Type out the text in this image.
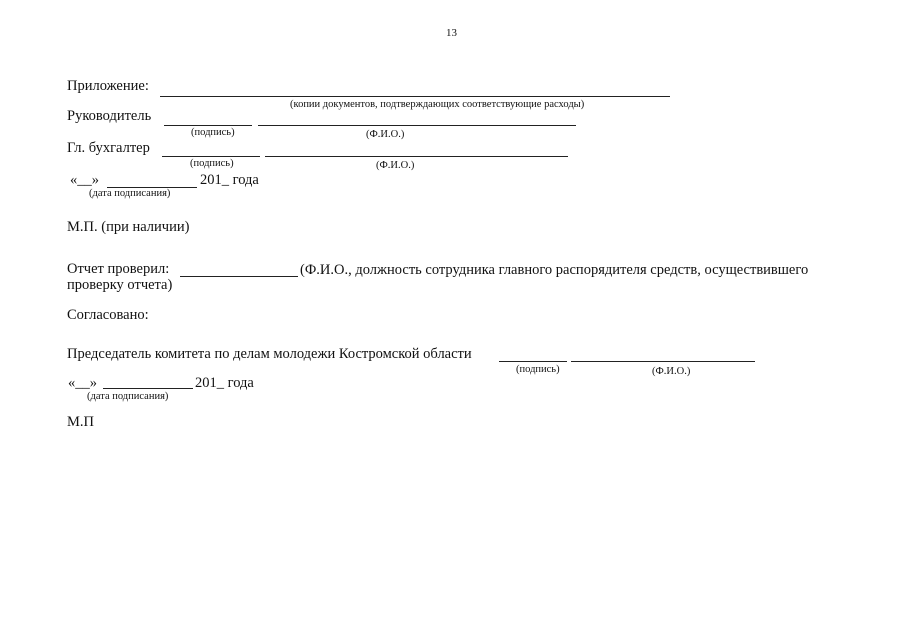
13
Приложение:
(копии документов, подтверждающих соответствующие расходы)
Руководитель
(подпись)	(Ф.И.О.)
Гл. бухгалтер
(подпись)	(Ф.И.О.)
«__»	201_ года
(дата подписания)
М.П. (при наличии)
Отчет проверил:	(Ф.И.О., должность сотрудника главного распорядителя средств, осуществившего
проверку отчета)
Согласовано:
Председатель комитета по делам молодежи Костромской области
(подпись)	(Ф.И.О.)
«__»	201_ года
(дата подписания)
М.П
